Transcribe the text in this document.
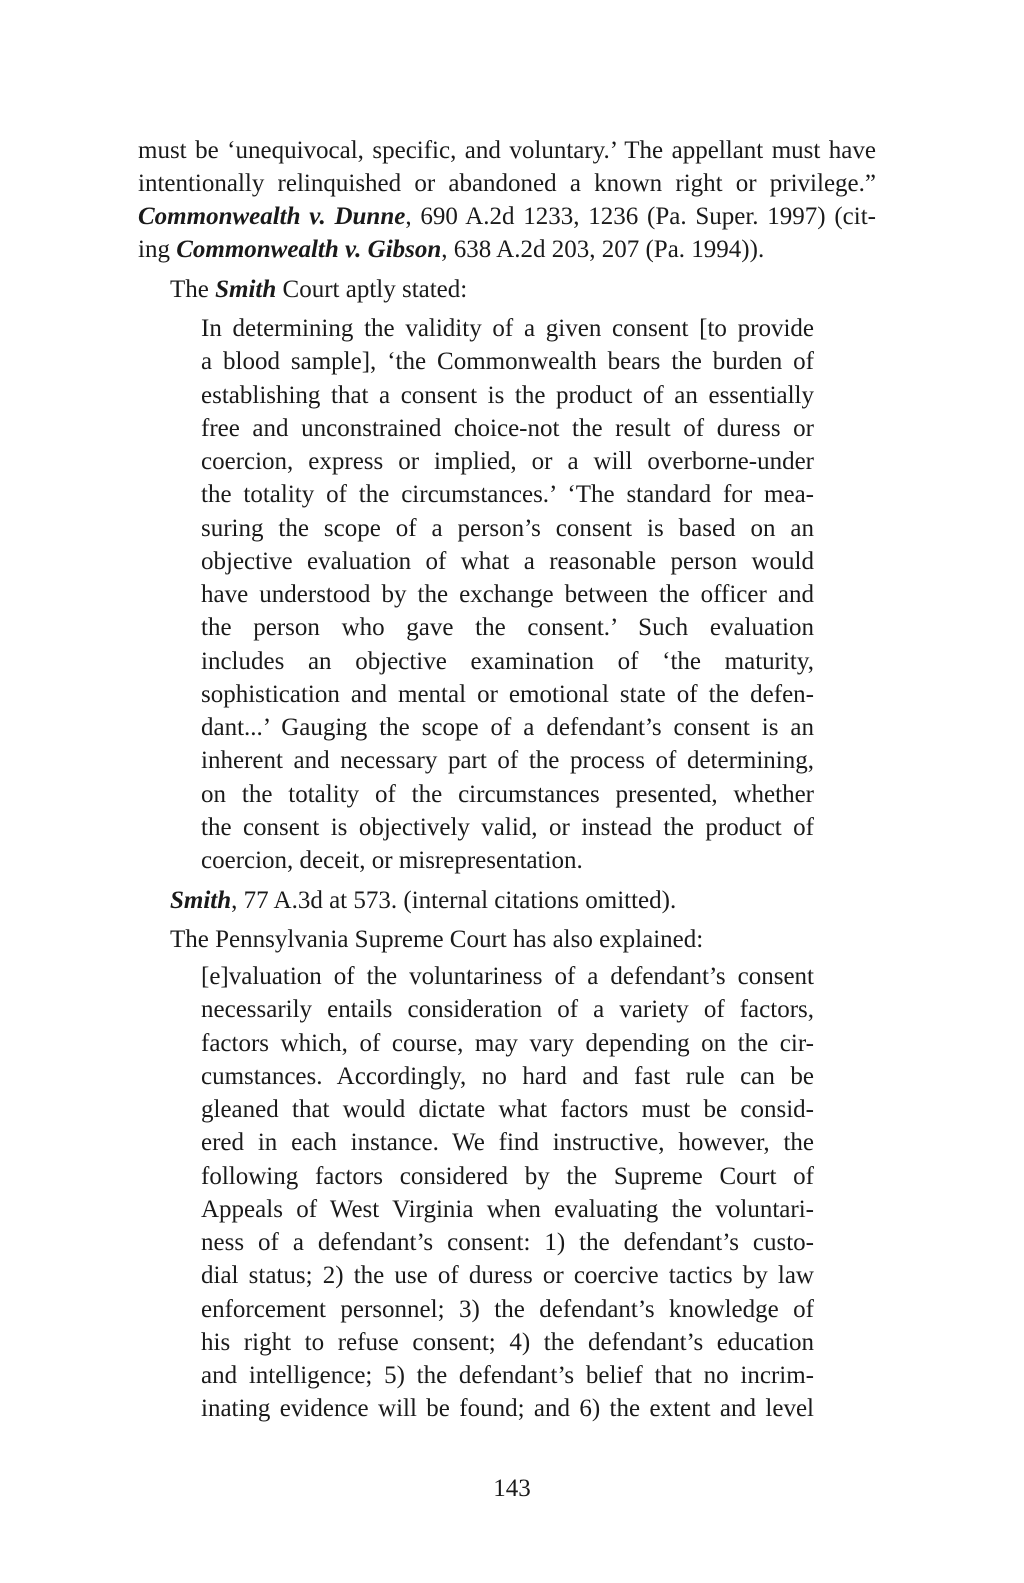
must be ‘unequivocal, specific, and voluntary.’ The appellant must have
intentionally relinquished or abandoned a known right or privilege.”
Commonwealth v. Dunne, 690 A.2d 1233, 1236 (Pa. Super. 1997) (cit-
ing Commonwealth v. Gibson, 638 A.2d 203, 207 (Pa. 1994)).
The Smith Court aptly stated:
In determining the validity of a given consent [to provide
a blood sample], ‘the Commonwealth bears the burden of
establishing that a consent is the product of an essentially
free and unconstrained choice-not the result of duress or
coercion, express or implied, or a will overborne-under
the totality of the circumstances.’ ‘The standard for mea-
suring the scope of a person’s consent is based on an
objective evaluation of what a reasonable person would
have understood by the exchange between the officer and
the person who gave the consent.’ Such evaluation
includes an objective examination of ‘the maturity,
sophistication and mental or emotional state of the defen-
dant...’ Gauging the scope of a defendant’s consent is an
inherent and necessary part of the process of determining,
on the totality of the circumstances presented, whether
the consent is objectively valid, or instead the product of
coercion, deceit, or misrepresentation.
Smith, 77 A.3d at 573. (internal citations omitted).
The Pennsylvania Supreme Court has also explained:
[e]valuation of the voluntariness of a defendant’s consent
necessarily entails consideration of a variety of factors,
factors which, of course, may vary depending on the cir-
cumstances. Accordingly, no hard and fast rule can be
gleaned that would dictate what factors must be consid-
ered in each instance. We find instructive, however, the
following factors considered by the Supreme Court of
Appeals of West Virginia when evaluating the voluntari-
ness of a defendant’s consent: 1) the defendant’s custo-
dial status; 2) the use of duress or coercive tactics by law
enforcement personnel; 3) the defendant’s knowledge of
his right to refuse consent; 4) the defendant’s education
and intelligence; 5) the defendant’s belief that no incrim-
inating evidence will be found; and 6) the extent and level
143
